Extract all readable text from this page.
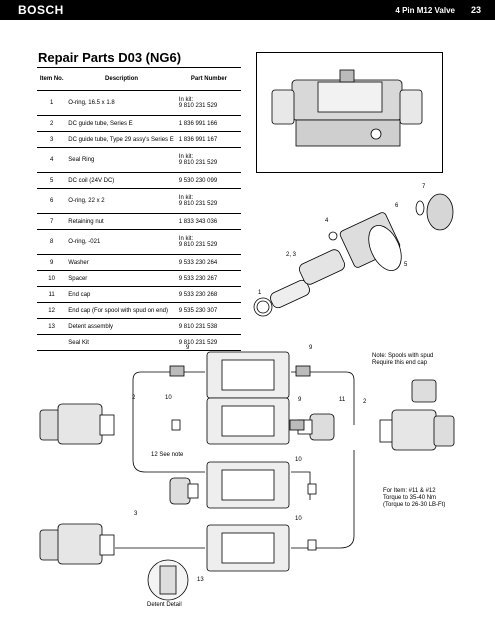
BOSCH	4 Pin M12 Valve 23
Repair Parts D03 (NG6)
Item No.	Description	Part Number
1	O-ring, 16.5 x 1.8	In kit:
9 810 231 529

2	DC guide tube, Series E	1 836 991 166

3	DC guide tube, Type 29 assy's Series E	1 836 991 167

4	Seal Ring	In kit:
9 810 231 529

5	DC coil (24V DC)	9 530 230 099

6	O-ring, 22 x 2	In kit:
9 810 231 529

7	Retaining nut	1 833 343 036

8	O-ring, -021	In kit:
9 810 231 529

9	Washer	9 533 230 264

10	Spacer	9 533 230 267

11	End cap	9 533 230 268

12	End cap (For spool with spud on end)	9 535 230 307

13	Detent assembly	9 810 231 538

	Seal Kit	9 810 231 529
1
2, 3
4
5
6
7
9	9
9
2
2
10
10
10
11
12 See note
3
13
Note: Spools with spud
Require this end cap
For Item: #11 & #12
Torque to 35-40 Nm
(Torque to 26-30 LB-Ft)
Detent Detail
